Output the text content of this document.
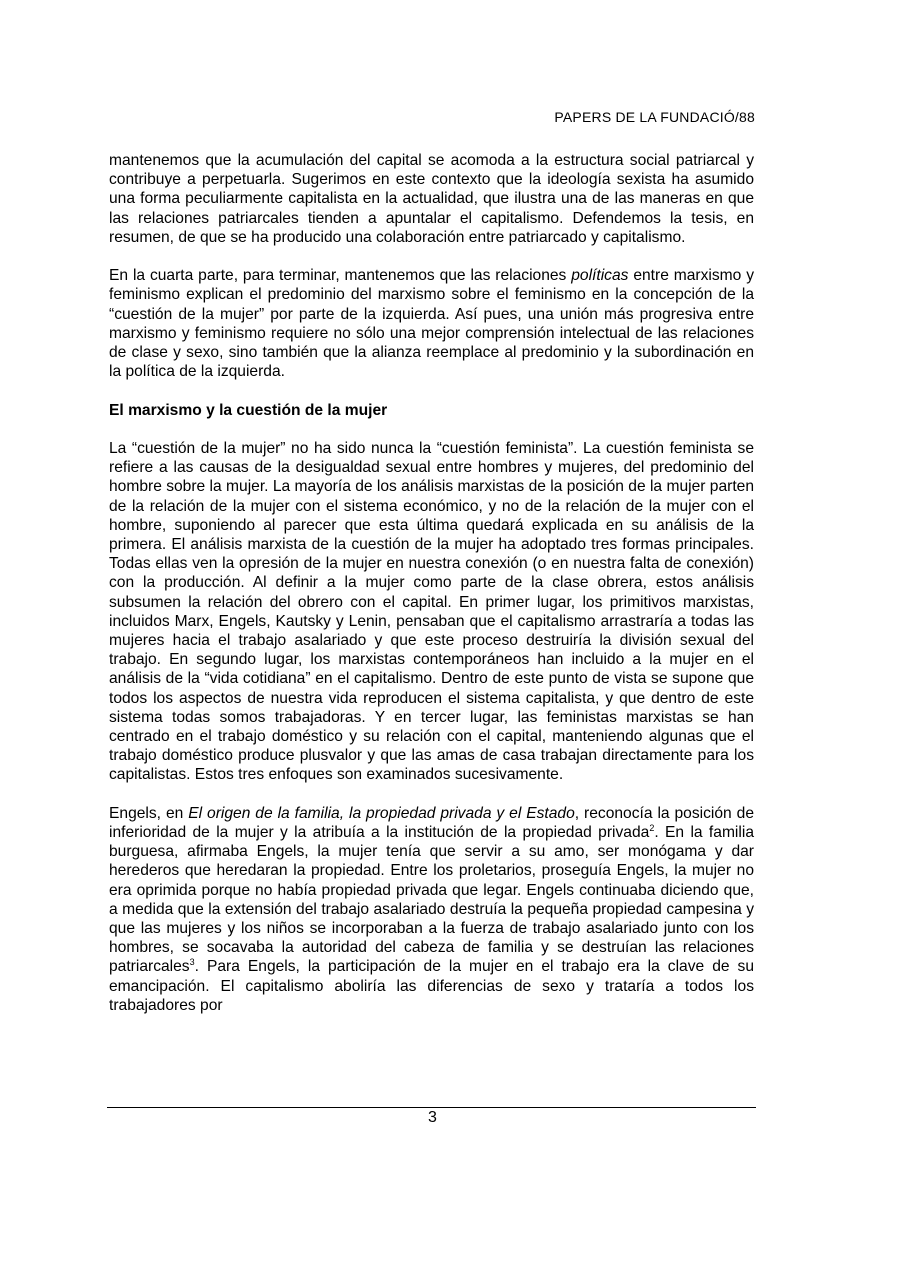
PAPERS DE LA FUNDACIÓ/88

mantenemos que la acumulación del capital se acomoda a la estructura social patriarcal y contribuye a perpetuarla. Sugerimos en este contexto que la ideología sexista ha asumido una forma peculiarmente capitalista en la actualidad, que ilustra una de las maneras en que las relaciones patriarcales tienden a apuntalar el capitalismo. Defendemos la tesis, en resumen, de que se ha producido una colaboración entre patriarcado y capitalismo.

En la cuarta parte, para terminar, mantenemos que las relaciones políticas entre marxismo y feminismo explican el predominio del marxismo sobre el feminismo en la concepción de la “cuestión de la mujer” por parte de la izquierda. Así pues, una unión más progresiva entre marxismo y feminismo requiere no sólo una mejor comprensión intelectual de las relaciones de clase y sexo, sino también que la alianza reemplace al predominio y la subordinación en la política de la izquierda.

El marxismo y la cuestión de la mujer

La “cuestión de la mujer” no ha sido nunca la “cuestión feminista”. La cuestión feminista se refiere a las causas de la desigualdad sexual entre hombres y mujeres, del predominio del hombre sobre la mujer. La mayoría de los análisis marxistas de la posición de la mujer parten de la relación de la mujer con el sistema económico, y no de la relación de la mujer con el hombre, suponiendo al parecer que esta última quedará explicada en su análisis de la primera. El análisis marxista de la cuestión de la mujer ha adoptado tres formas principales. Todas ellas ven la opresión de la mujer en nuestra conexión (o en nuestra falta de conexión) con la producción. Al definir a la mujer como parte de la clase obrera, estos análisis subsumen la relación del obrero con el capital. En primer lugar, los primitivos marxistas, incluidos Marx, Engels, Kautsky y Lenin, pensaban que el capitalismo arrastraría a todas las mujeres hacia el trabajo asalariado y que este proceso destruiría la división sexual del trabajo. En segundo lugar, los marxistas contemporáneos han incluido a la mujer en el análisis de la “vida cotidiana” en el capitalismo. Dentro de este punto de vista se supone que todos los aspectos de nuestra vida reproducen el sistema capitalista, y que dentro de este sistema todas somos trabajadoras. Y en tercer lugar, las feministas marxistas se han centrado en el trabajo doméstico y su relación con el capital, manteniendo algunas que el trabajo doméstico produce plusvalor y que las amas de casa trabajan directamente para los capitalistas. Estos tres enfoques son examinados sucesivamente.

Engels, en El origen de la familia, la propiedad privada y el Estado, reconocía la posición de inferioridad de la mujer y la atribuía a la institución de la propiedad privada$^2$. En la familia burguesa, afirmaba Engels, la mujer tenía que servir a su amo, ser monógama y dar herederos que heredaran la propiedad. Entre los proletarios, proseguía Engels, la mujer no era oprimida porque no había propiedad privada que legar. Engels continuaba diciendo que, a medida que la extensión del trabajo asalariado destruía la pequeña propiedad campesina y que las mujeres y los niños se incorporaban a la fuerza de trabajo asalariado junto con los hombres, se socavaba la autoridad del cabeza de familia y se destruían las relaciones patriarcales$^3$. Para Engels, la participación de la mujer en el trabajo era la clave de su emancipación. El capitalismo aboliría las diferencias de sexo y trataría a todos los trabajadores por

3
